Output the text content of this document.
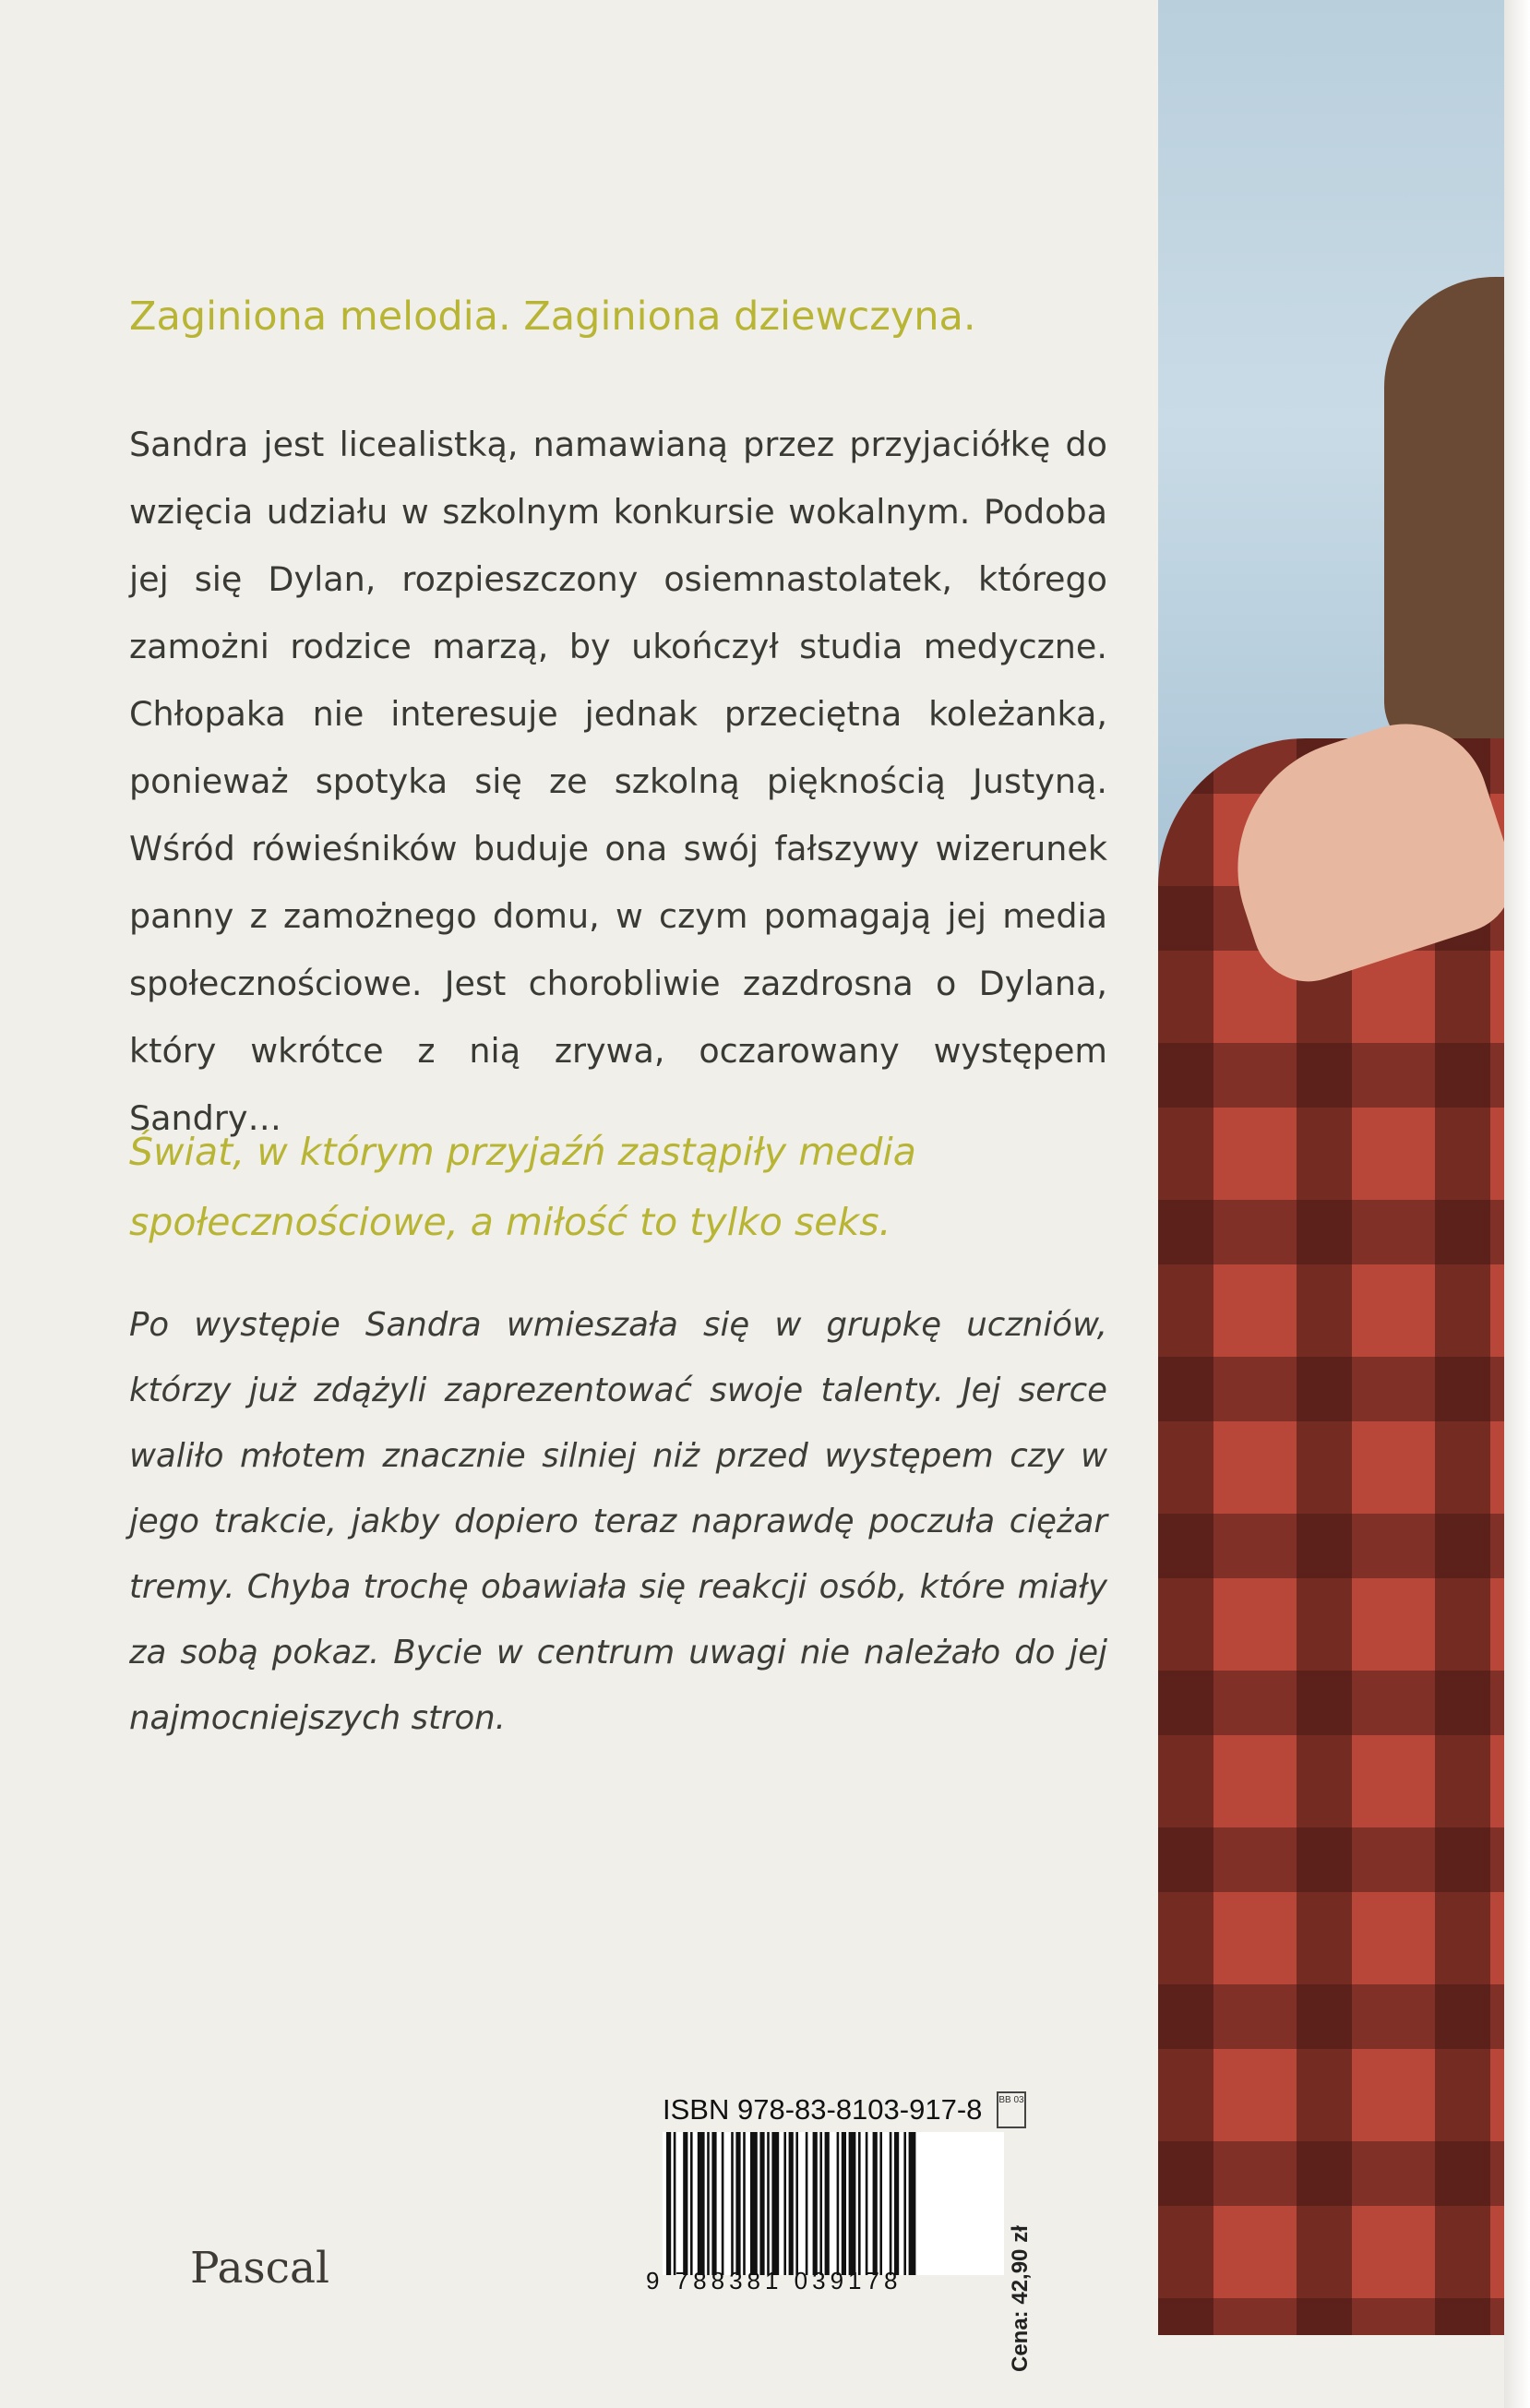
Zaginiona melodia. Zaginiona dziewczyna.
Sandra jest licealistką, namawianą przez przyjaciółkę do wzięcia udziału w szkolnym konkursie wokalnym. Podoba jej się Dylan, rozpieszczony osiemnastolatek, którego zamożni rodzice marzą, by ukończył studia medyczne. Chłopaka nie interesuje jednak przeciętna koleżanka, ponieważ spotyka się ze szkolną pięknością Justyną. Wśród rówieśników buduje ona swój fałszywy wizerunek panny z zamożnego domu, w czym pomagają jej media społecznościowe. Jest chorobliwie zazdrosna o Dylana, który wkrótce z nią zrywa, oczarowany występem Sandry…
Świat, w którym przyjaźń zastąpiły media
społecznościowe, a miłość to tylko seks.
Po występie Sandra wmieszała się w grupkę uczniów, którzy już zdążyli zaprezentować swoje talenty. Jej serce waliło młotem znacznie silniej niż przed występem czy w jego trakcie, jakby dopiero teraz naprawdę poczuła ciężar tremy. Chyba trochę obawiała się reakcji osób, które miały za sobą pokaz. Bycie w centrum uwagi nie należało do jej najmocniejszych stron.
ISBN 978-83-8103-917-8 BB 03
9 788381 039178	Cena: 42,90 zł
Pascal
